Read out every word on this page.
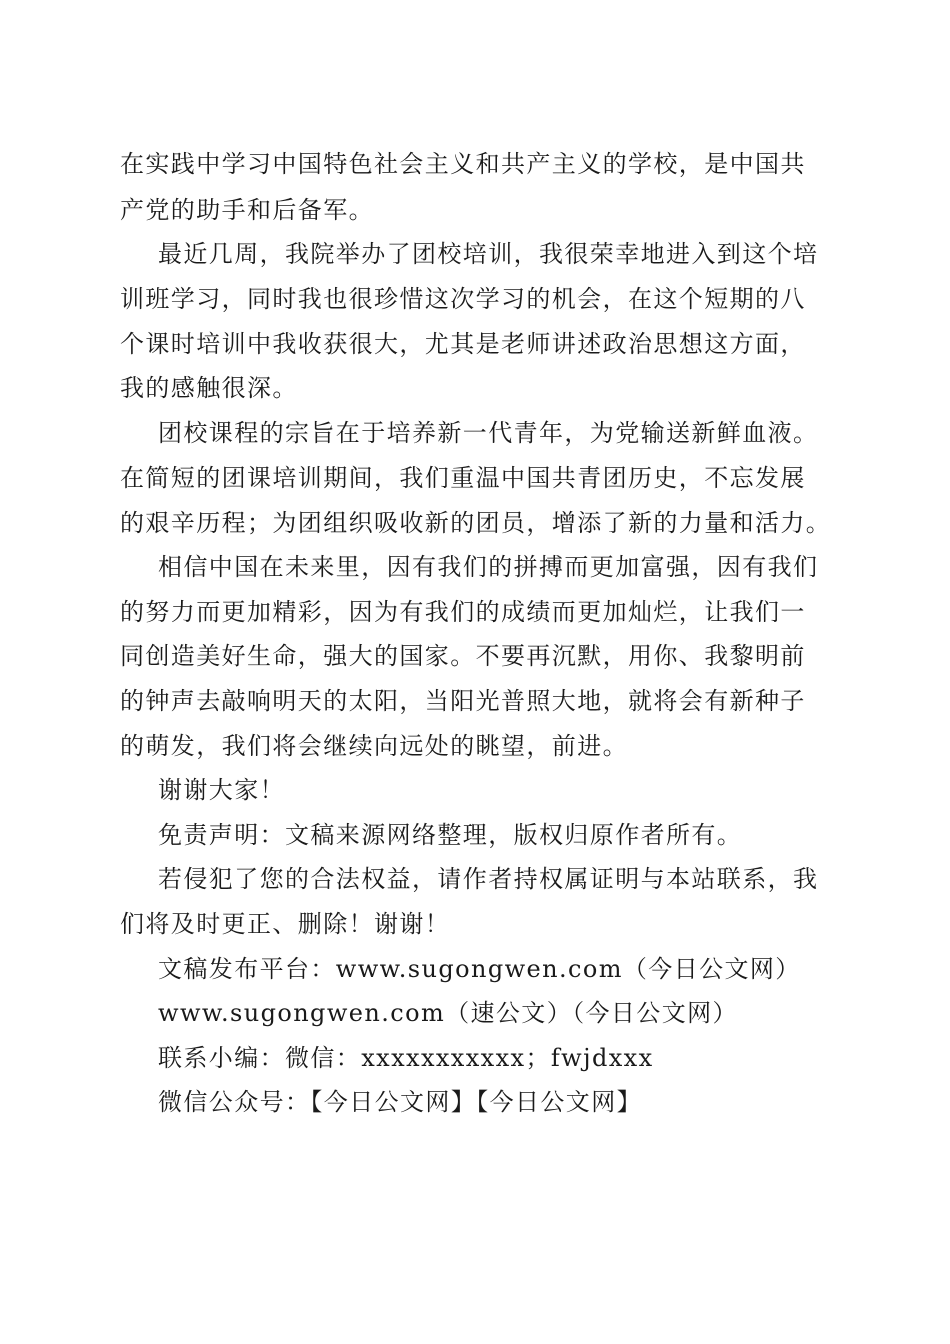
在实践中学习中国特色社会主义和共产主义的学校，是中国共
产党的助手和后备军。
最近几周，我院举办了团校培训，我很荣幸地进入到这个培
训班学习，同时我也很珍惜这次学习的机会，在这个短期的八
个课时培训中我收获很大，尤其是老师讲述政治思想这方面，
我的感触很深。
团校课程的宗旨在于培养新一代青年，为党输送新鲜血液。
在简短的团课培训期间，我们重温中国共青团历史，不忘发展
的艰辛历程；为团组织吸收新的团员，增添了新的力量和活力。
相信中国在未来里，因有我们的拼搏而更加富强，因有我们
的努力而更加精彩，因为有我们的成绩而更加灿烂，让我们一
同创造美好生命，强大的国家。不要再沉默，用你、我黎明前
的钟声去敲响明天的太阳，当阳光普照大地，就将会有新种子
的萌发，我们将会继续向远处的眺望，前进。
谢谢大家！
免责声明：文稿来源网络整理，版权归原作者所有。
若侵犯了您的合法权益，请作者持权属证明与本站联系，我
们将及时更正、删除！谢谢！
文稿发布平台：www.sugongwen.com（今日公文网）
www.sugongwen.com（速公文）（今日公文网）
联系小编：微信：xxxxxxxxxxx；fwjdxxx
微信公众号：【今日公文网】【今日公文网】
